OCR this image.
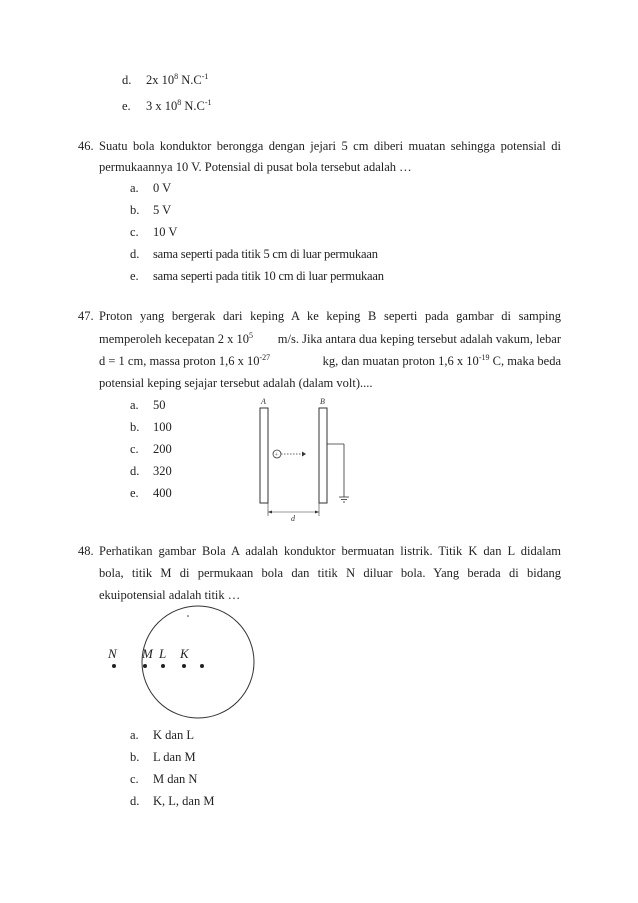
d. 2x $10^8$ $N.C^{-1}$
e. 3 x $10^8$ $N.C^{-1}$
46. Suatu bola konduktor berongga dengan jejari 5 cm diberi muatan sehingga potensial di
permukaannya 10 V. Potensial di pusat bola tersebut adalah …
a. 0 V
b. 5 V
c. 10 V
d. sama seperti pada titik 5 cm di luar permukaan
e. sama seperti pada titik 10 cm di luar permukaan
47. Proton yang bergerak dari keping A ke keping B seperti pada gambar di samping
memperoleh kecepatan 2 x $10^5$ m/s. Jika antara dua keping tersebut adalah vakum, lebar
d = 1 cm, massa proton 1,6 x $10^{-27}$	kg, dan muatan proton 1,6 x $10^{-19}$ C, maka beda
potensial keping sejajar tersebut adalah (dalam volt)....
a. 50
b. 100
c. 200
d. 320
e. 400
A	B
+
d
48. Perhatikan gambar Bola A adalah konduktor bermuatan listrik. Titik K dan L didalam
bola, titik M di permukaan bola dan titik N diluar bola. Yang berada di bidang
ekuipotensial adalah titik …
N M L K
a. K dan L
b. L dan M
c. M dan N
d. K, L, dan M
